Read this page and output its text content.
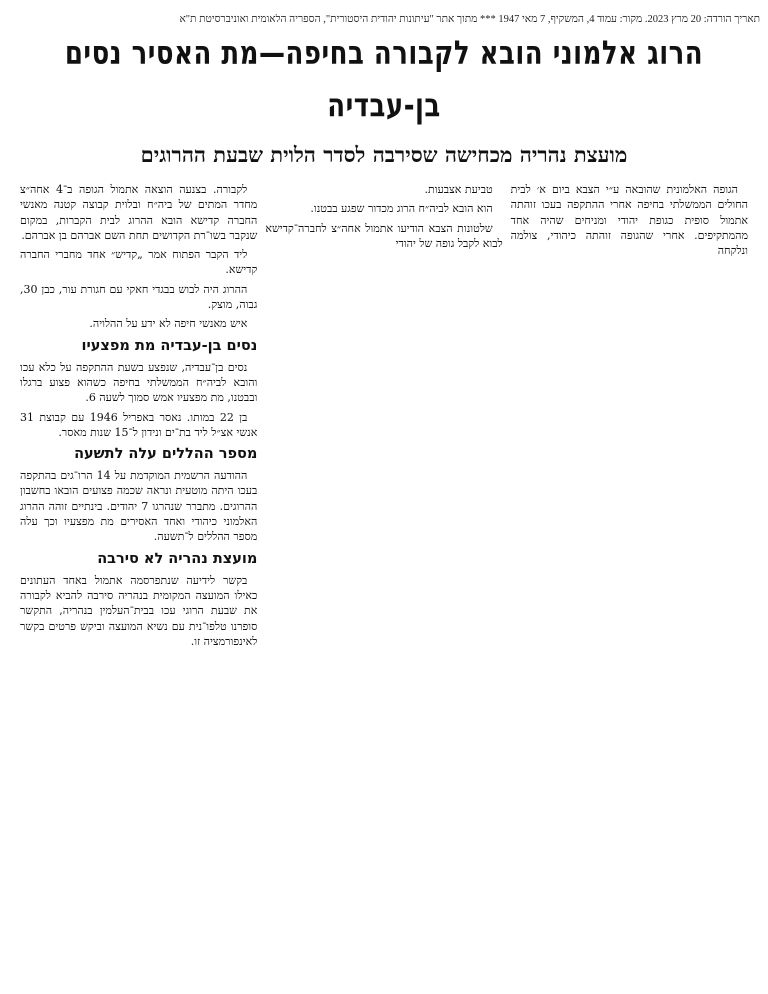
תאריך הורדה: 20 מרץ 2023. מקור: עמוד 4, המשקיף, 7 מאי 1947 *** מתוך אתר "עיתונות יהודית היסטורית", הספריה הלאומית ואוניברסיטת ת"א
הרוג אלמוני הובא לקבורה בחיפה—מת האסיר נסים בן-עבדיה
מועצת נהריה מכחישה שסירבה לסדר הלוית שבעת ההרוגים

הגופה האלמונית שהובאה ע״י הצבא ביום א׳ לבית החולים הממשלתי בחיפה אחרי ההתקפה בעכו זוהתה אתמול סופית כגופת יהודי ומניחים שהיה אחד מהמתקיפים. אחרי שהגופה זוהתה כיהודי, צולמה ונלקחה

טביעת אצבעות.

הוא הובא לביה״ח הרוג מכדור שפגע בבטנו.

שלטונות הצבא הודיעו אתמול אחה״צ לחברה־קדישא לבוא לקבל גופה של יהודי

לקבורה. בצנעה הוצאה אתמול הגופה ב־4 אחה״צ מחדר המתים של ביה״ח ובלוית קבוצה קטנה מאנשי החברה קדישא הובא ההרוג לבית הקברות, במקום שנקבר בשו־רת הקדושים תחת השם אברהם בן אברהם.

ליד הקבר הפתוח אמר „קדיש״ אחד מחברי החברה קדישא.

ההרוג היה לבוש בבגדי חאקי עם חגורת עור, כבן 30, גבוה, מוצק.

איש מאנשי חיפה לא ידע על ההלויה.

נסים בן-עבדיה מת מפצעיו

נסים בן־עבדיה, שנפצע בשעת ההתקפה על כלא עכו והובא לביה״ח הממשלתי בחיפה כשהוא פצוע ברגלו ובבטנו, מת מפצעיו אמש סמוך לשעה 6.

בן 22 במותו. נאסר באפריל 1946 עם קבוצת 31 אנשי אצ״ל ליד בת־ים ונידון ל־15 שנות מאסר.

מספר ההללים עלה לתשעה

ההודעה הרשמית המוקדמת על 14 הרו־גים בהתקפה בעכו היתה מוטעית ונראה שכמה פצועים הובאו בחשבון ההרוגים. מתברר שנהרגו 7 יהודים. בינתיים זוהה ההרוג האלמוני כיהודי ואחד האסירים מת מפצעיו וכך עלה מספר ההללים ל־תשעה.

מועצת נהריה לא סירבה

בקשר לידיעה שנתפרסמה אתמול באחד העתונים כאילו המועצה המקומית בנהריה סירבה להביא לקבורה את שבעת הרוגי עכו בבית־העלמין בנהריה, התקשר סופרנו טלפו־נית עם נשיא המועצה וביקש פרטים בקשר לאינפורמציה זו.
